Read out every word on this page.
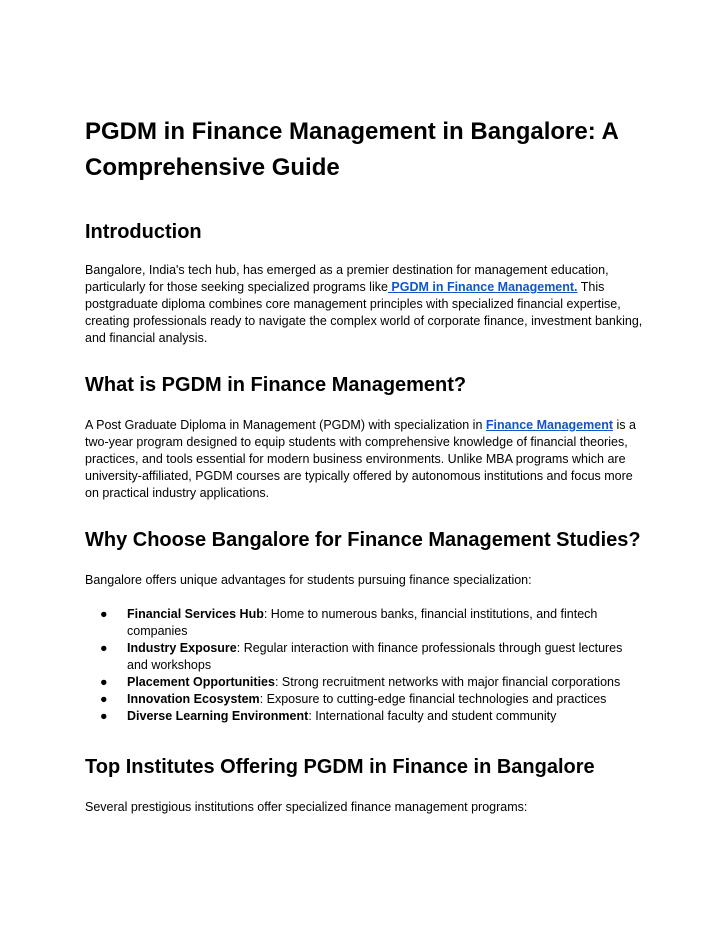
PGDM in Finance Management in Bangalore: A Comprehensive Guide
Introduction

Bangalore, India's tech hub, has emerged as a premier destination for management education, particularly for those seeking specialized programs like PGDM in Finance Management. This postgraduate diploma combines core management principles with specialized financial expertise, creating professionals ready to navigate the complex world of corporate finance, investment banking, and financial analysis.

What is PGDM in Finance Management?

A Post Graduate Diploma in Management (PGDM) with specialization in Finance Management is a two-year program designed to equip students with comprehensive knowledge of financial theories, practices, and tools essential for modern business environments. Unlike MBA programs which are university-affiliated, PGDM courses are typically offered by autonomous institutions and focus more on practical industry applications.

Why Choose Bangalore for Finance Management Studies?

Bangalore offers unique advantages for students pursuing finance specialization:

● Financial Services Hub: Home to numerous banks, financial institutions, and fintech companies
● Industry Exposure: Regular interaction with finance professionals through guest lectures and workshops
● Placement Opportunities: Strong recruitment networks with major financial corporations
● Innovation Ecosystem: Exposure to cutting-edge financial technologies and practices
● Diverse Learning Environment: International faculty and student community
Top Institutes Offering PGDM in Finance in Bangalore

Several prestigious institutions offer specialized finance management programs:
